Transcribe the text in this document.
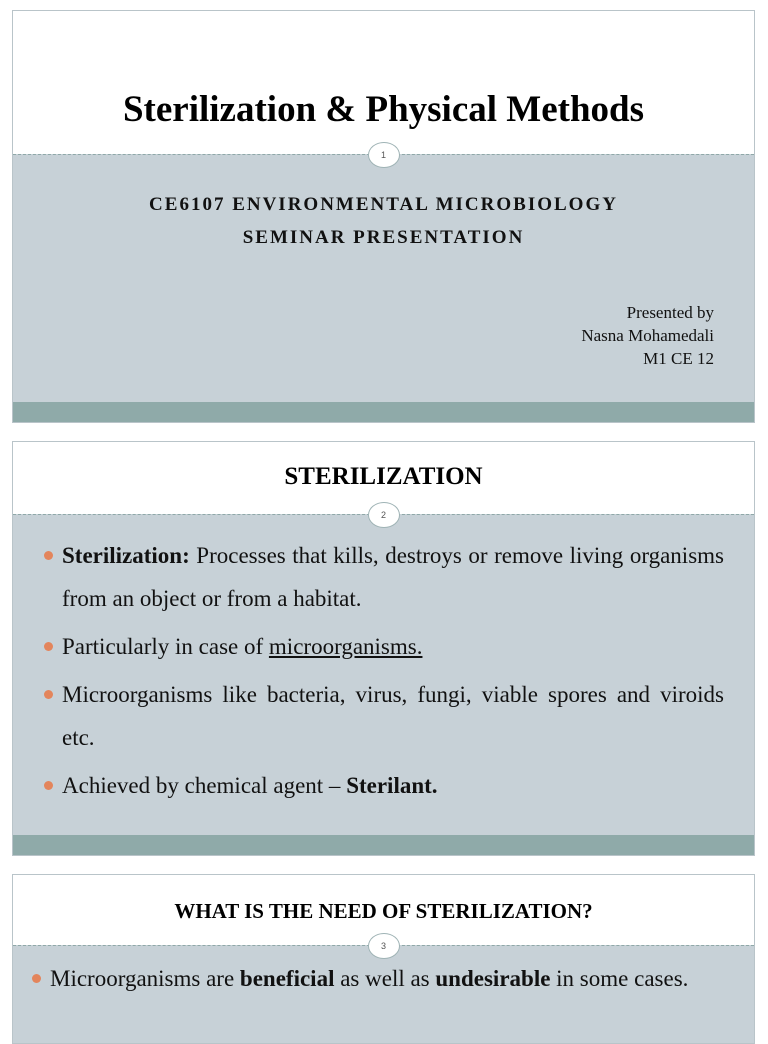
Sterilization & Physical Methods
1
CE6107 ENVIRONMENTAL MICROBIOLOGY
SEMINAR PRESENTATION
Presented by
Nasna Mohamedali
M1 CE 12
STERILIZATION
2
Sterilization: Processes that kills, destroys or remove living organisms from an object or from a habitat.
Particularly in case of microorganisms.
Microorganisms like bacteria, virus, fungi, viable spores and viroids etc.
Achieved by chemical agent – Sterilant.
WHAT IS THE NEED OF STERILIZATION?
3
Microorganisms are beneficial as well as undesirable in some cases.
